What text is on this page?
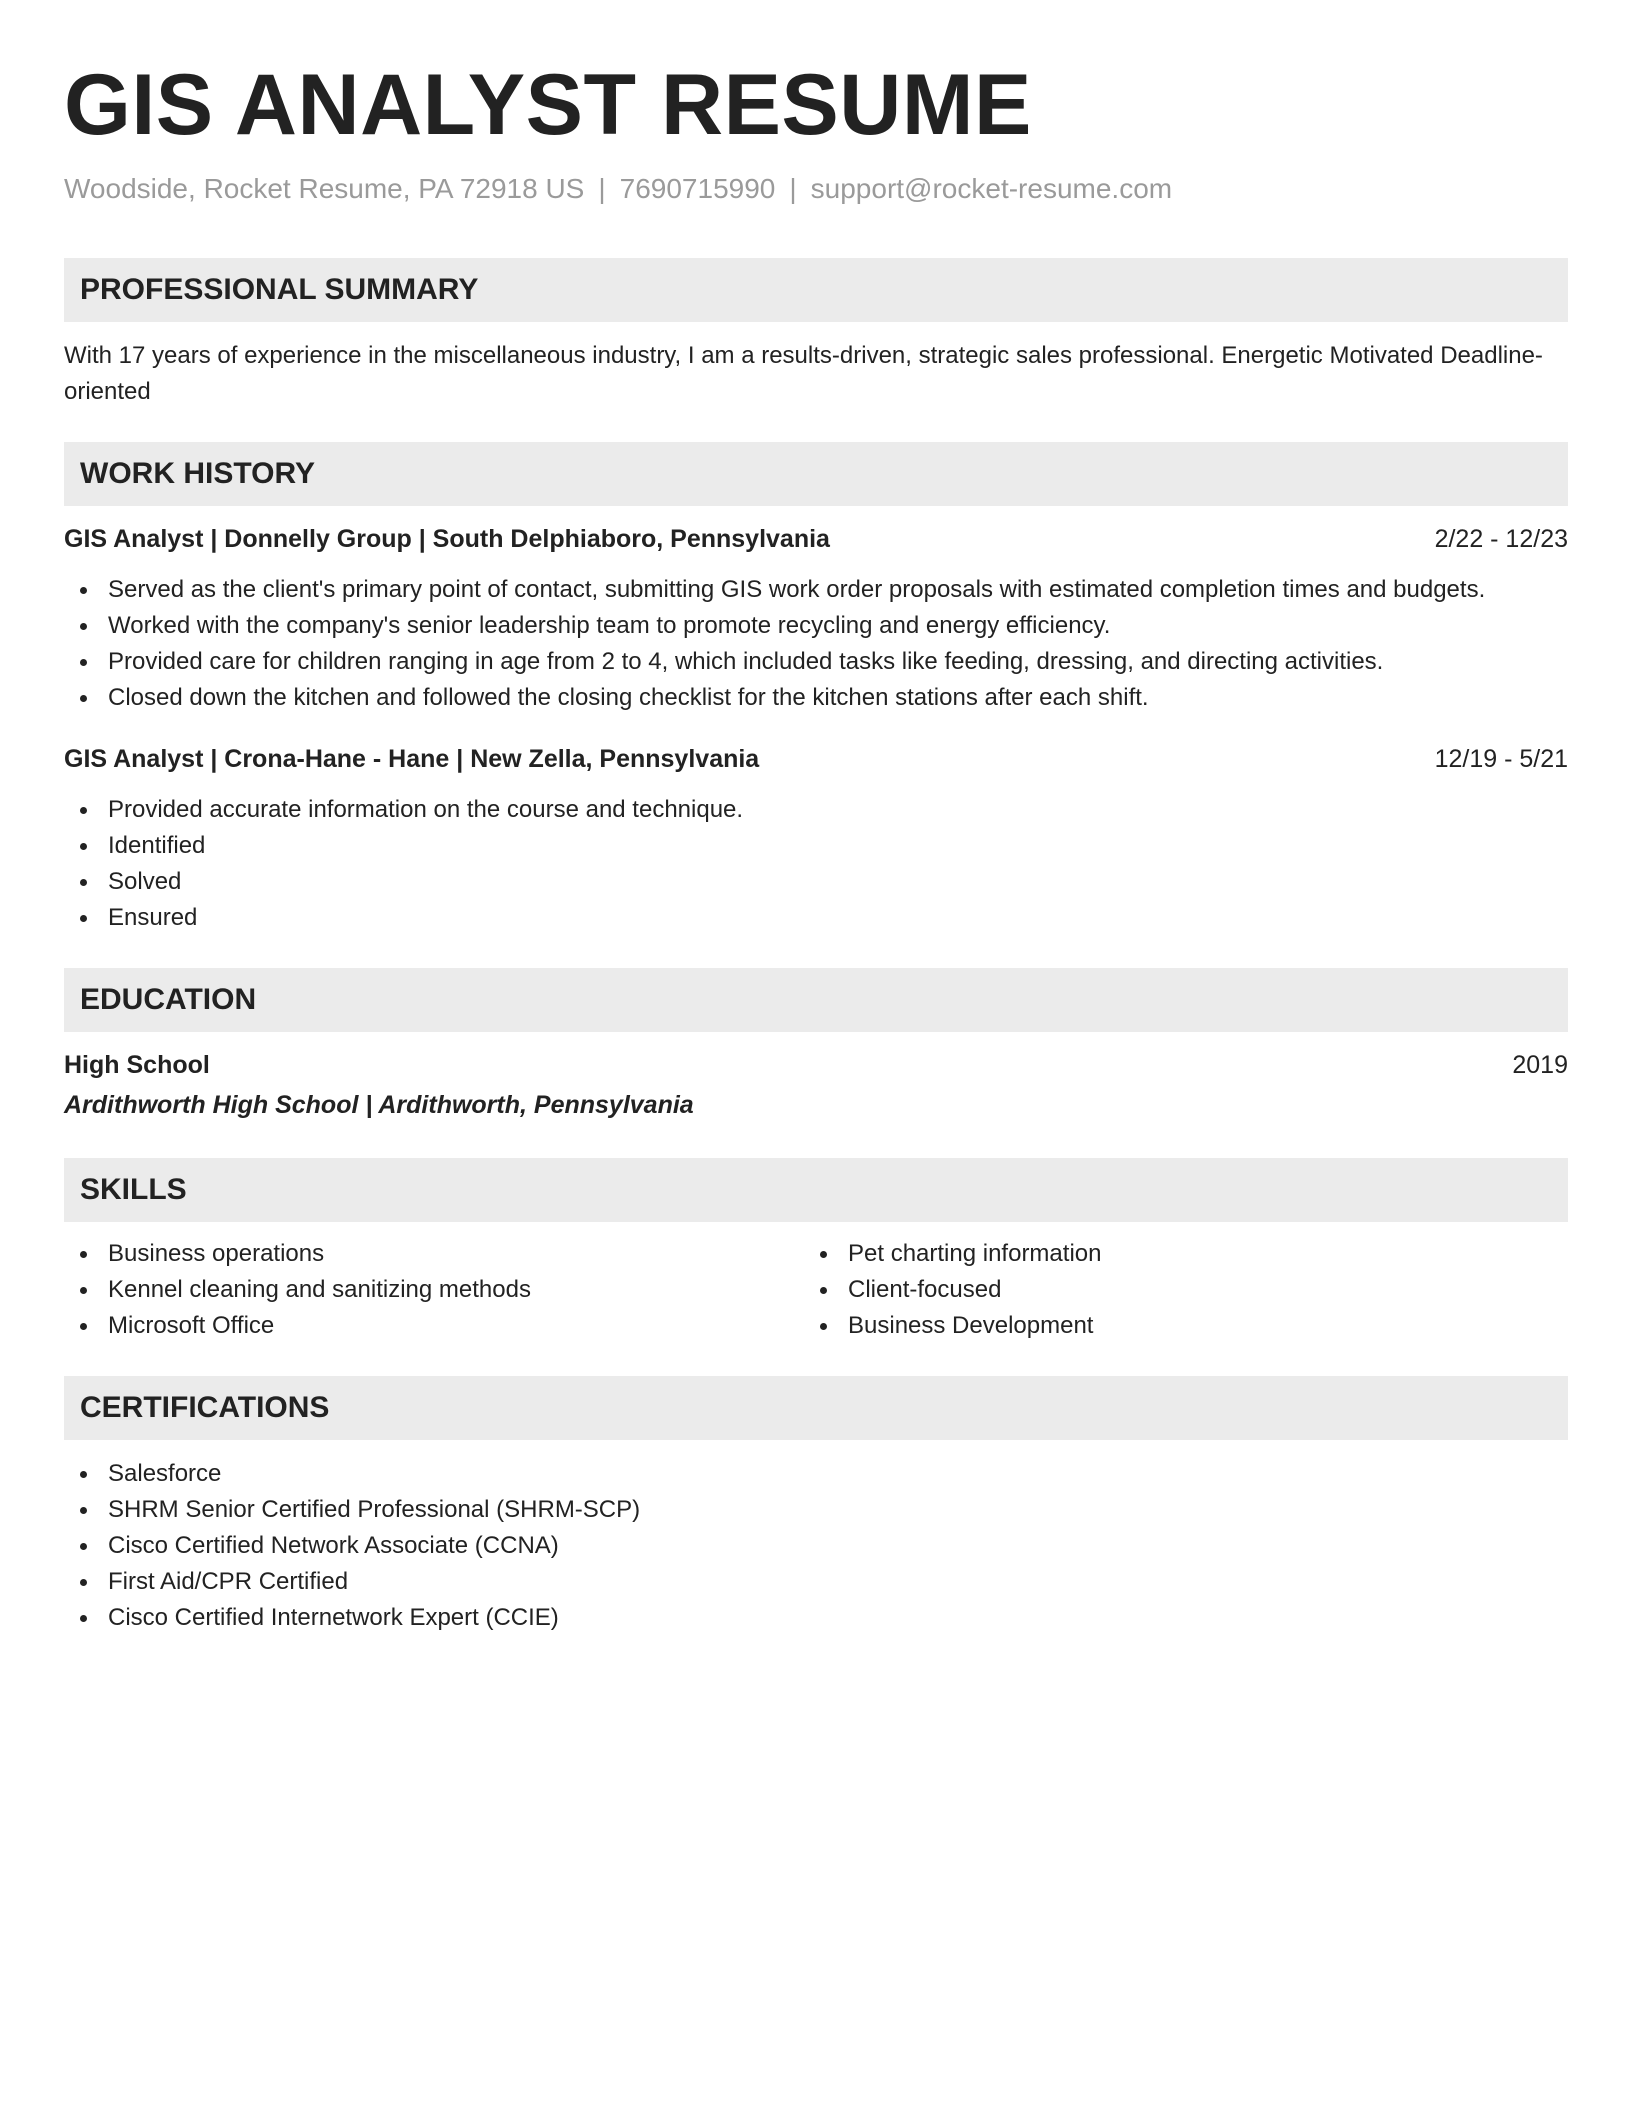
GIS ANALYST RESUME
Woodside, Rocket Resume, PA 72918 US | 7690715990 | support@rocket-resume.com
PROFESSIONAL SUMMARY

With 17 years of experience in the miscellaneous industry, I am a results-driven, strategic sales professional. Energetic Motivated Deadline-oriented

WORK HISTORY
GIS Analyst | Donnelly Group | South Delphiaboro, Pennsylvania	2/22 - 12/23
Served as the client's primary point of contact, submitting GIS work order proposals with estimated completion times and budgets.
Worked with the company's senior leadership team to promote recycling and energy efficiency.
Provided care for children ranging in age from 2 to 4, which included tasks like feeding, dressing, and directing activities.
Closed down the kitchen and followed the closing checklist for the kitchen stations after each shift.
GIS Analyst | Crona-Hane - Hane | New Zella, Pennsylvania	12/19 - 5/21
Provided accurate information on the course and technique.
Identified
Solved
Ensured
EDUCATION
High School	2019
Ardithworth High School | Ardithworth, Pennsylvania
SKILLS
Business operations
Kennel cleaning and sanitizing methods
Microsoft Office
Pet charting information
Client-focused
Business Development
CERTIFICATIONS
Salesforce
SHRM Senior Certified Professional (SHRM-SCP)
Cisco Certified Network Associate (CCNA)
First Aid/CPR Certified
Cisco Certified Internetwork Expert (CCIE)
